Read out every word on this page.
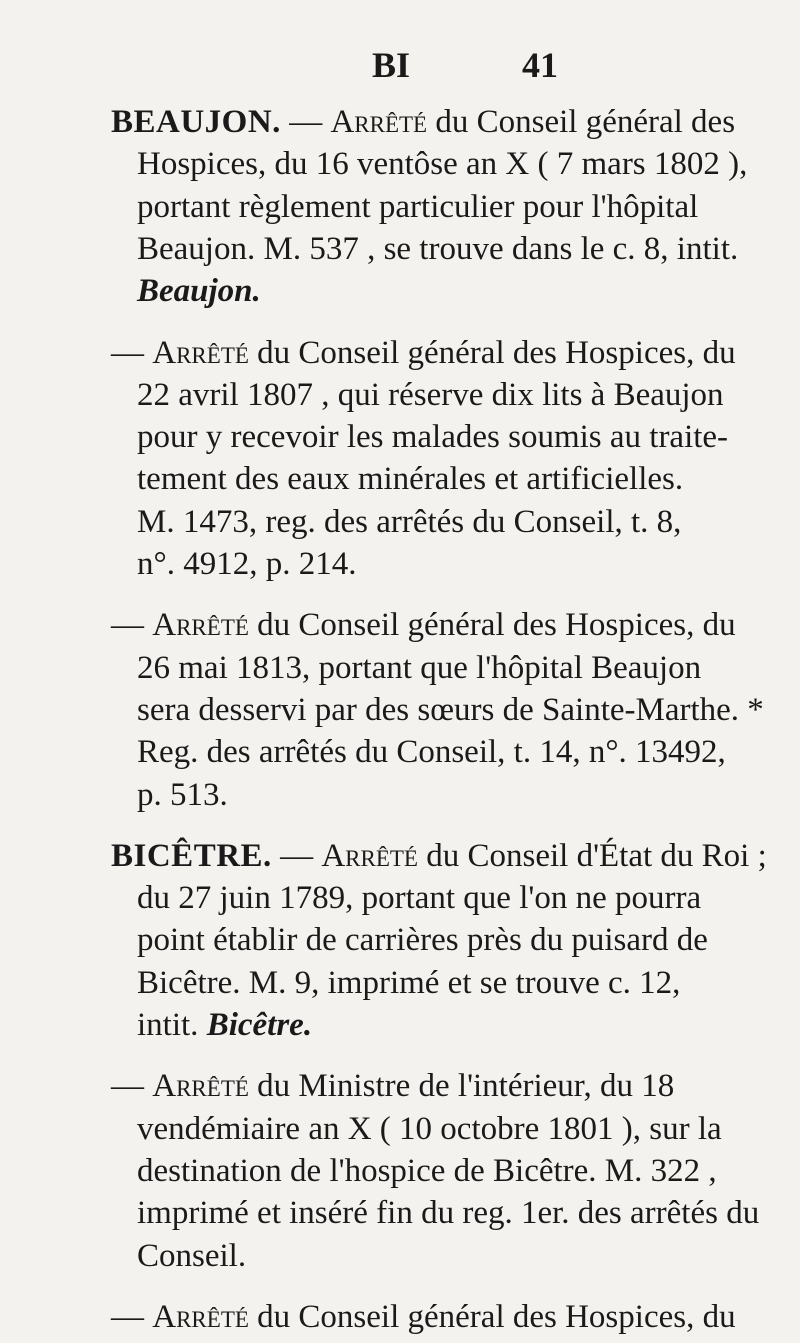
BI	41
BEAUJON. — Arrêté du Conseil général des
Hospices, du 16 ventôse an X ( 7 mars 1802 ),
portant règlement particulier pour l'hôpital
Beaujon. M. 537 , se trouve dans le c. 8, intit.
Beaujon.
— Arrêté du Conseil général des Hospices, du
22 avril 1807 , qui réserve dix lits à Beaujon
pour y recevoir les malades soumis au traite-
tement des eaux minérales et artificielles.
M. 1473, reg. des arrêtés du Conseil, t. 8,
n°. 4912, p. 214.
— Arrêté du Conseil général des Hospices, du
26 mai 1813, portant que l'hôpital Beaujon
sera desservi par des sœurs de Sainte-Marthe. *
Reg. des arrêtés du Conseil, t. 14, n°. 13492,
p. 513.
BICÊTRE. — Arrêté du Conseil d'État du Roi ;
du 27 juin 1789, portant que l'on ne pourra
point établir de carrières près du puisard de
Bicêtre. M. 9, imprimé et se trouve c. 12,
intit. Bicêtre.
— Arrêté du Ministre de l'intérieur, du 18
vendémiaire an X ( 10 octobre 1801 ), sur la
destination de l'hospice de Bicêtre. M. 322 ,
imprimé et inséré fin du reg. 1er. des arrêtés du
Conseil.
— Arrêté du Conseil général des Hospices, du
